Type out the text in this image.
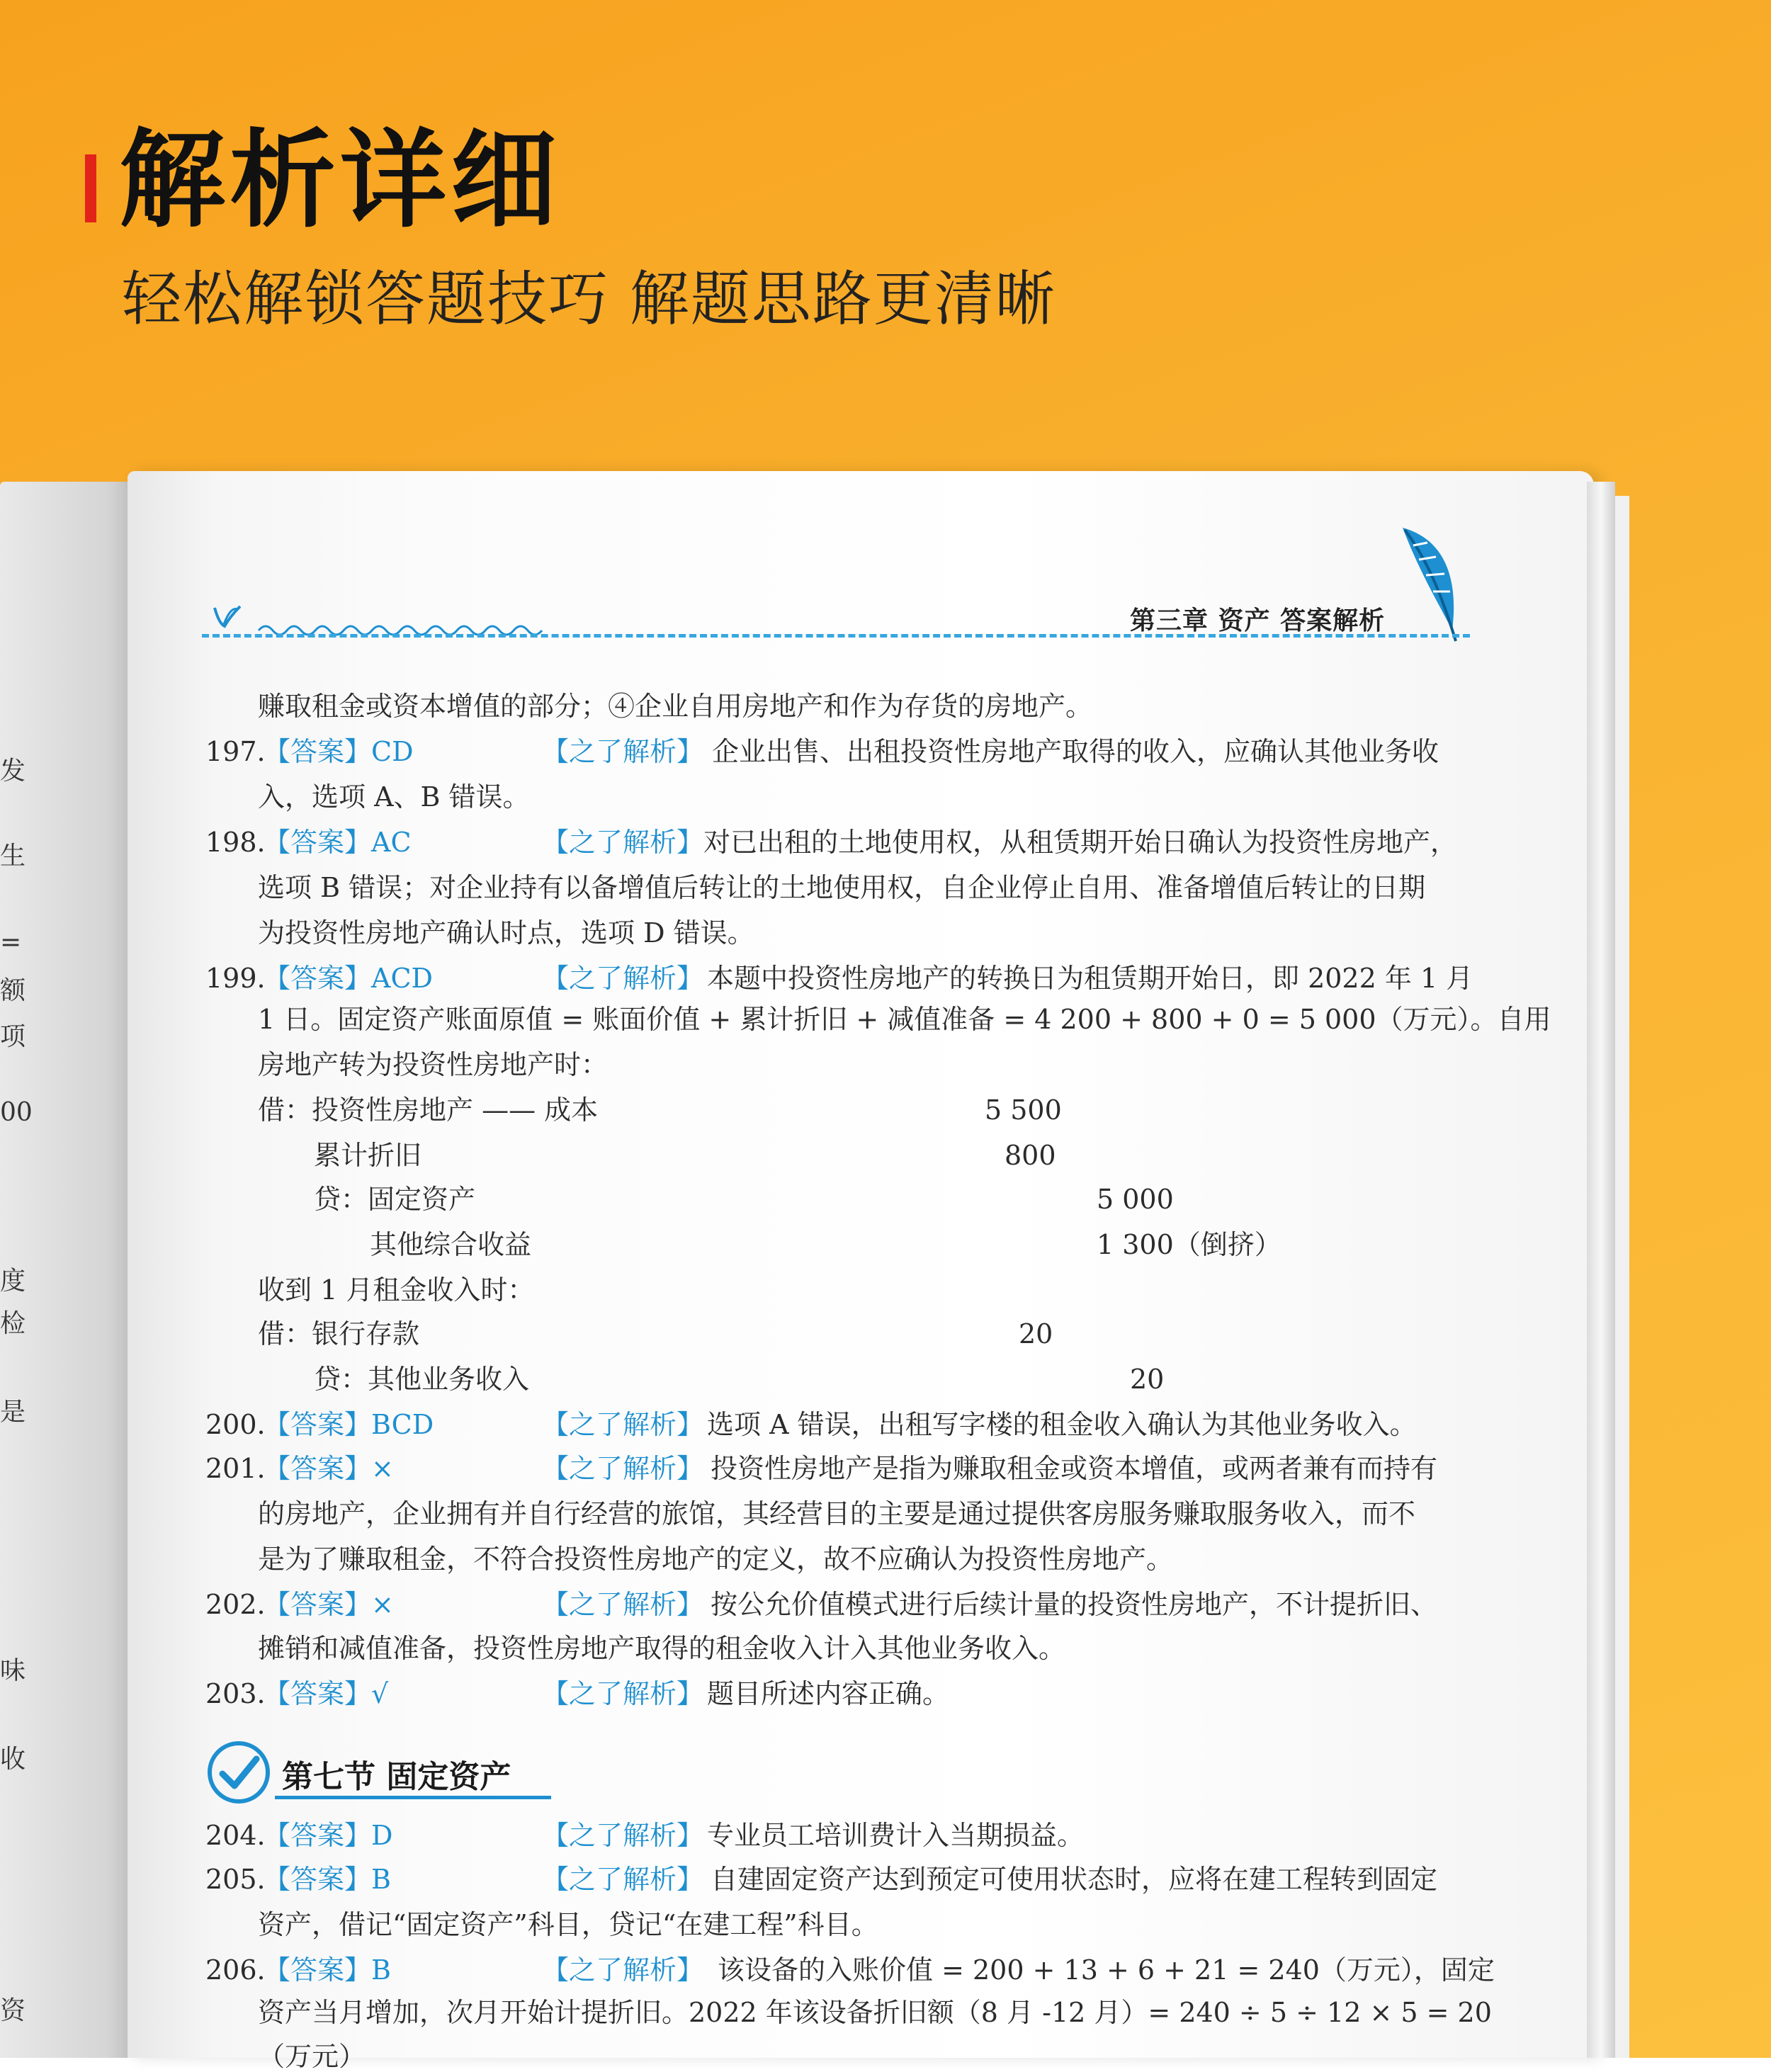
解析详细
轻松解锁答题技巧 解题思路更清晰
发
生
=
额
项
00
度
检
是
味
收
资
第三章 资产 答案解析
赚取租金或资本增值的部分；④企业自用房地产和作为存货的房地产。
197.
【答案】CD	【之了解析】 企业出售、出租投资性房地产取得的收入，应确认其他业务收
入，选项 A、B 错误。
198.
【答案】AC	【之了解析】 对已出租的土地使用权，从租赁期开始日确认为投资性房地产，
选项 B 错误；对企业持有以备增值后转让的土地使用权，自企业停止自用、准备增值后转让的日期
为投资性房地产确认时点，选项 D 错误。
199.
【答案】ACD	【之了解析】 本题中投资性房地产的转换日为租赁期开始日，即 2022 年 1 月
1 日。固定资产账面原值 = 账面价值 + 累计折旧 + 减值准备 = 4 200 + 800 + 0 = 5 000（万元）。自用
房地产转为投资性房地产时：
借：投资性房地产 —— 成本	5 500
累计折旧	800
贷：固定资产	5 000
其他综合收益	1 300（倒挤）
收到 1 月租金收入时：
借：银行存款	20
贷：其他业务收入	20
200.
【答案】BCD	【之了解析】 选项 A 错误，出租写字楼的租金收入确认为其他业务收入。
201.
【答案】×	【之了解析】 投资性房地产是指为赚取租金或资本增值，或两者兼有而持有
的房地产，企业拥有并自行经营的旅馆，其经营目的主要是通过提供客房服务赚取服务收入，而不
是为了赚取租金，不符合投资性房地产的定义，故不应确认为投资性房地产。
202.
【答案】×	【之了解析】 按公允价值模式进行后续计量的投资性房地产，不计提折旧、
摊销和减值准备，投资性房地产取得的租金收入计入其他业务收入。
203.
【答案】√	【之了解析】 题目所述内容正确。
第七节 固定资产
204.
【答案】D	【之了解析】 专业员工培训费计入当期损益。
205.
【答案】B	【之了解析】 自建固定资产达到预定可使用状态时，应将在建工程转到固定
资产，借记“固定资产”科目，贷记“在建工程”科目。
206.
【答案】B	【之了解析】 该设备的入账价值 = 200 + 13 + 6 + 21 = 240（万元），固定
资产当月增加，次月开始计提折旧。2022 年该设备折旧额（8 月 -12 月）= 240 ÷ 5 ÷ 12 × 5 = 20
（万元）
